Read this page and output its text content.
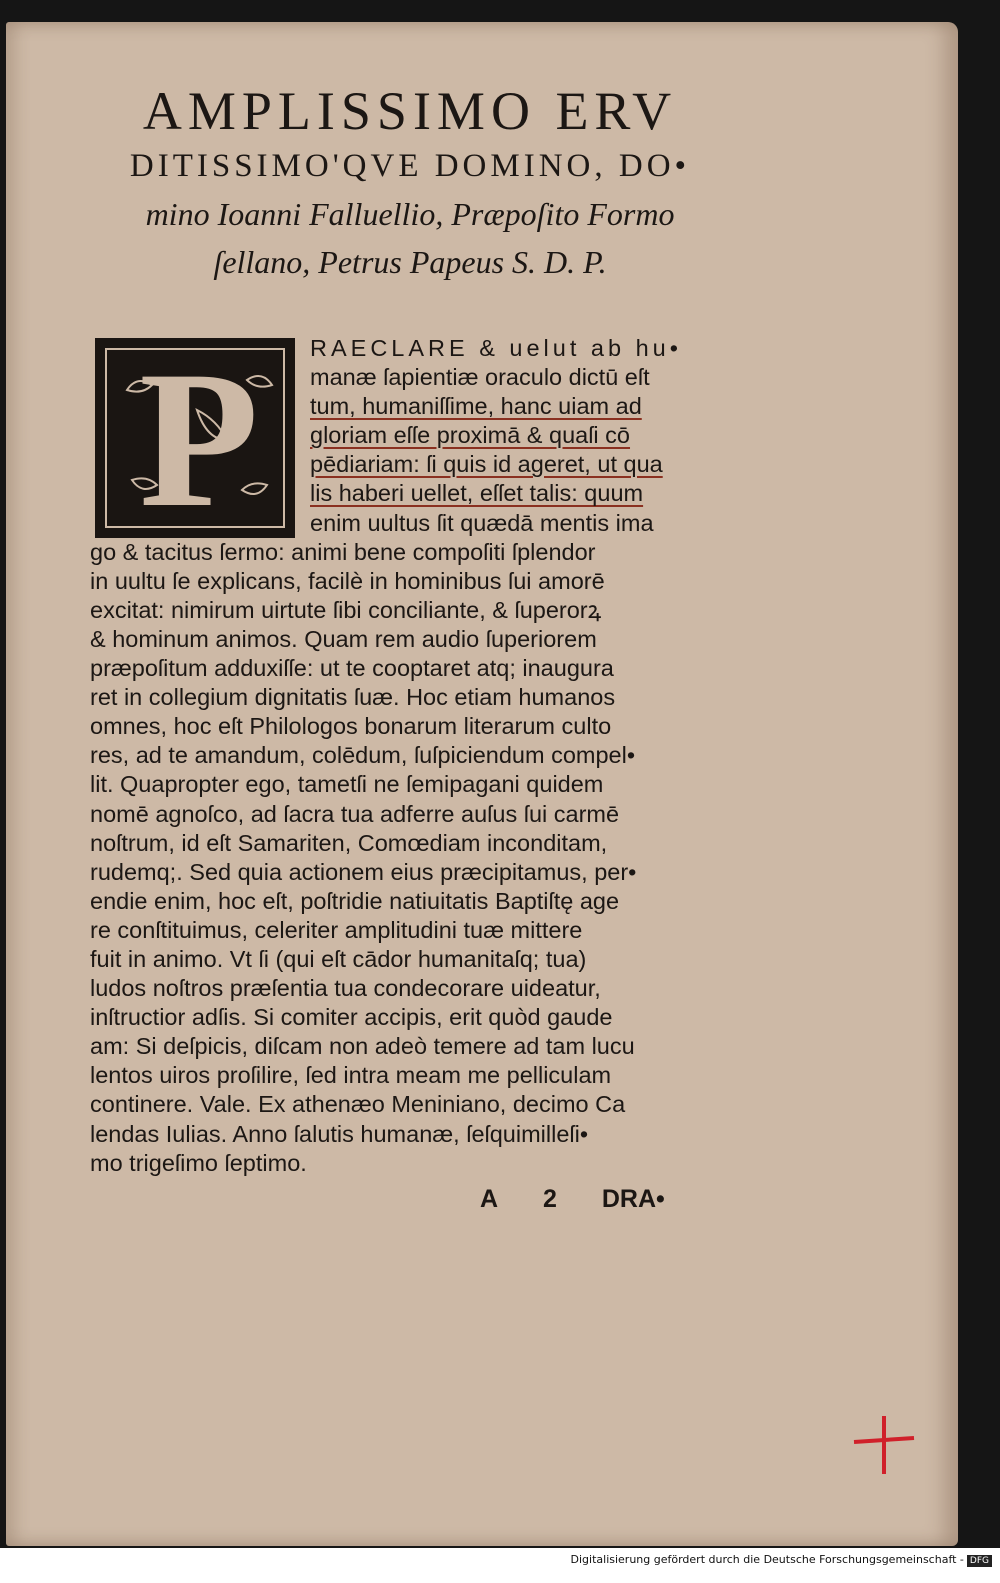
AMPLISSIMO ERV

DITISSIMO'QVE DOMINO, DO•

mino Ioanni Falluellio, Præpoſito Formo

ſellano, Petrus Papeus S. D. P.

P	RAECLARE & uelut ab hu•
manæ ſapientiæ oraculo dictū eſt
tum, humaniſſime, hanc uiam ad
gloriam eſſe proximā & quaſi cō
pēdiariam: ſi quis id ageret, ut qua
lis haberi uellet, eſſet talis: quum
enim uultus ſit quædā mentis ima
go & tacitus ſermo: animi bene compoſiti ſplendor
in uultu ſe explicans, facilè in hominibus ſui amorē
excitat: nimirum uirtute ſibi conciliante, & ſuperorꝝ
& hominum animos. Quam rem audio ſuperiorem
præpoſitum adduxiſſe: ut te cooptaret atq; inaugura
ret in collegium dignitatis ſuæ. Hoc etiam humanos
omnes, hoc eſt Philologos bonarum literarum culto
res, ad te amandum, colēdum, ſuſpiciendum compel•
lit. Quapropter ego, tametſi ne ſemipagani quidem
nomē agnoſco, ad ſacra tua adferre auſus ſui carmē
noſtrum, id eſt Samariten, Comœdiam inconditam,
rudemq;. Sed quia actionem eius præcipitamus, per•
endie enim, hoc eſt, poſtridie natiuitatis Baptiſtę age
re conſtituimus, celeriter amplitudini tuæ mittere
fuit in animo. Vt ſi (qui eſt cādor humanitaſq; tua)
ludos noſtros præſentia tua condecorare uideatur,
inſtructior adſis. Si comiter accipis, erit quòd gaude
am: Si deſpicis, diſcam non adeò temere ad tam lucu
lentos uiros proſilire, ſed intra meam me pelliculam
continere. Vale. Ex athenæo Meniniano, decimo Ca
lendas Iulias. Anno ſalutis humanæ, ſeſquimilleſi•
mo trigeſimo ſeptimo.
A 2 DRA•
Digitalisierung gefördert durch die Deutsche Forschungsgemeinschaft - DFG
